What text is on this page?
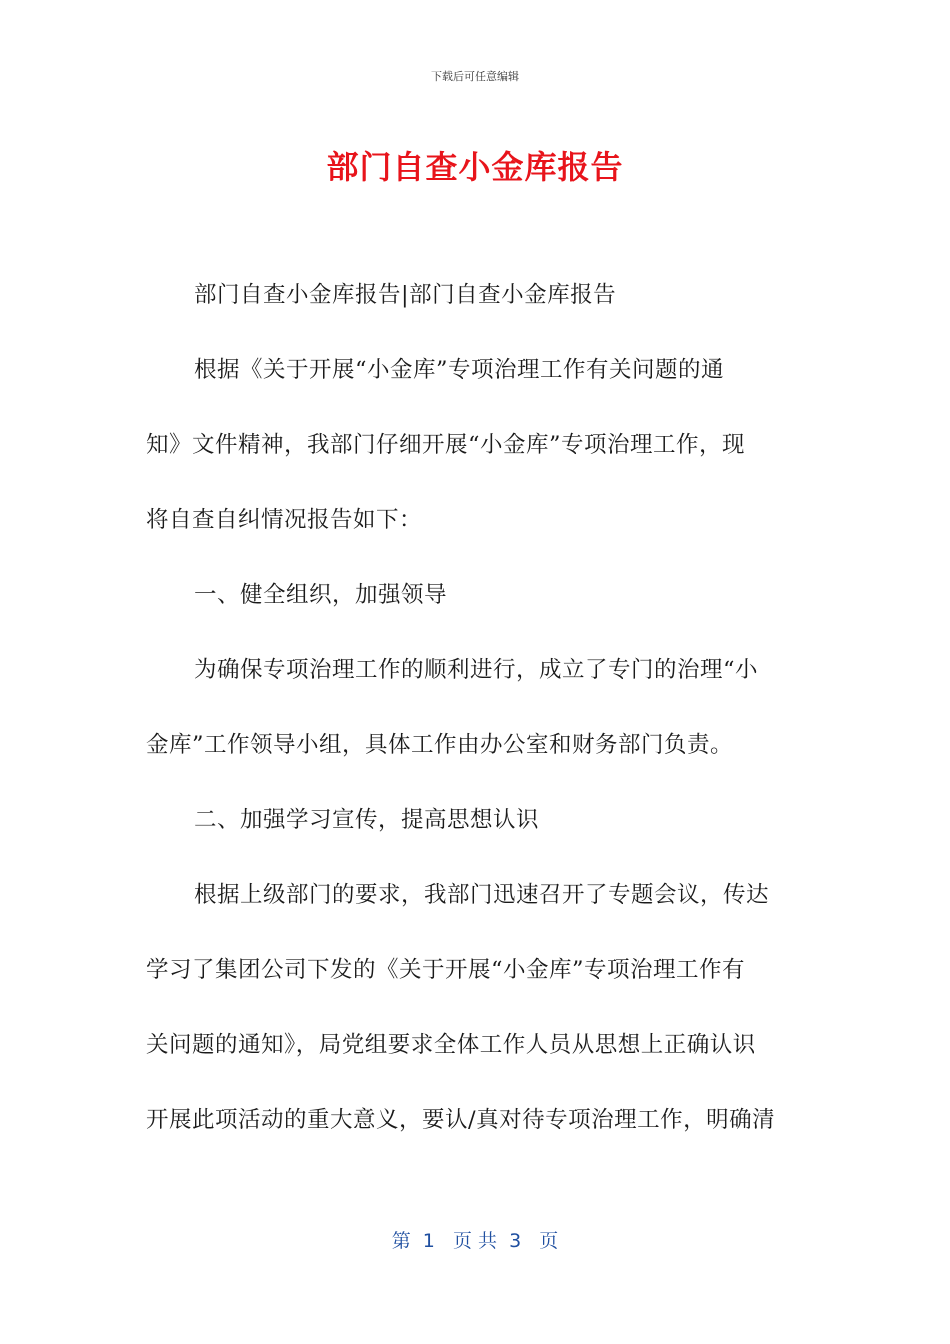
下载后可任意编辑
部门自查小金库报告
部门自查小金库报告|部门自查小金库报告
根据《关于开展“小金库”专项治理工作有关问题的通
知》文件精神，我部门仔细开展“小金库”专项治理工作，现
将自查自纠情况报告如下：
一、健全组织，加强领导
为确保专项治理工作的顺利进行，成立了专门的治理“小
金库”工作领导小组，具体工作由办公室和财务部门负责。
二、加强学习宣传，提高思想认识
根据上级部门的要求，我部门迅速召开了专题会议，传达
学习了集团公司下发的《关于开展“小金库”专项治理工作有
关问题的通知》，局党组要求全体工作人员从思想上正确认识
开展此项活动的重大意义，要认/真对待专项治理工作，明确清
第  1   页 共  3   页
